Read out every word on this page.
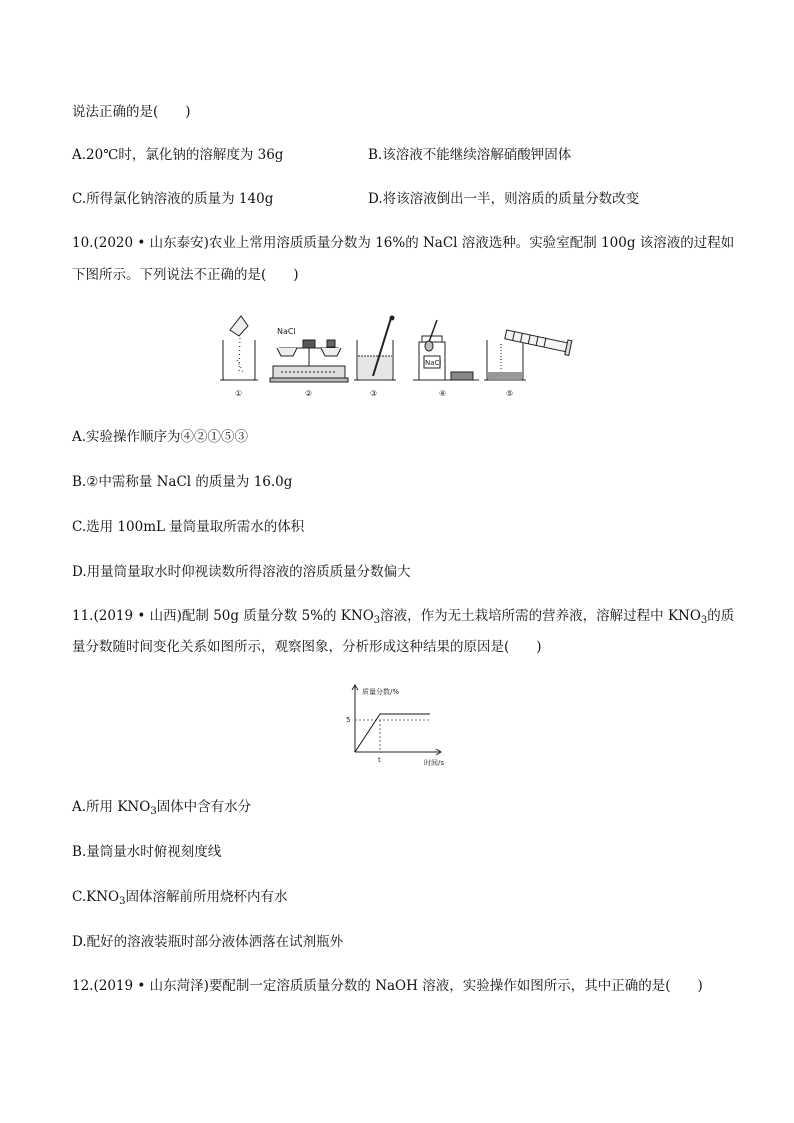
说法正确的是(　　)
A.20℃时，氯化钠的溶解度为 36g	B.该溶液不能继续溶解硝酸钾固体
C.所得氯化钠溶液的质量为 140g	D.将该溶液倒出一半，则溶质的质量分数改变
10.(2020 • 山东泰安)农业上常用溶质质量分数为 16%的 NaCl 溶液选种。实验室配制 100g 该溶液的过程如
下图所示。下列说法不正确的是(　　)
NaCl
NaCl
①	②	③	④	⑤
A.实验操作顺序为④②①⑤③
B.②中需称量 NaCl 的质量为 16.0g
C.选用 100mL 量筒量取所需水的体积
D.用量筒量取水时仰视读数所得溶液的溶质质量分数偏大
11.(2019 • 山西)配制 50g 质量分数 5%的 $KNO_3$溶液，作为无土栽培所需的营养液，溶解过程中 $KNO_3$的质
量分数随时间变化关系如图所示，观察图象，分析形成这种结果的原因是(　　)
质量分数/%
时间/s
5
t
A.所用 $KNO_3$固体中含有水分
B.量筒量水时俯视刻度线
$C.KNO_3$固体溶解前所用烧杯内有水
D.配好的溶液装瓶时部分液体洒落在试剂瓶外
12.(2019 • 山东菏泽)要配制一定溶质质量分数的 NaOH 溶液，实验操作如图所示，其中正确的是(　　)
